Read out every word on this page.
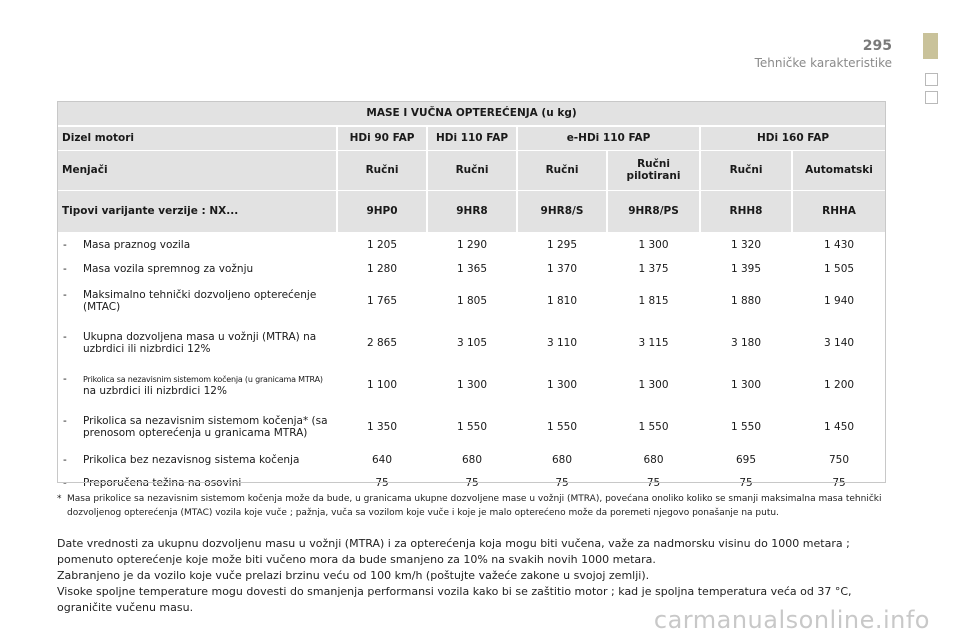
295
Tehničke karakteristike
MASE I VUČNA OPTEREĆENJA (u kg)						
Dizel motori	HDi 90 FAP	HDi 110 FAP	e-HDi 110 FAP		HDi 160 FAP	
Menjači	Ručni	Ručni	Ručni	Ručni pilotirani	Ručni	Automatski
Tipovi varijante verzije : NX...	9HP0	9HR8	9HR8/S	9HR8/PS	RHH8	RHHA
- Masa praznog vozila	1 205	1 290	1 295	1 300	1 320	1 430
- Masa vozila spremnog za vožnju	1 280	1 365	1 370	1 375	1 395	1 505
- Maksimalno tehnički dozvoljeno opterećenje (MTAC)	1 765	1 805	1 810	1 815	1 880	1 940
- Ukupna dozvoljena masa u vožnji (MTRA) na uzbrdici ili nizbrdici 12%	2 865	3 105	3 110	3 115	3 180	3 140
- Prikolica sa nezavisnim sistemom kočenja (u granicama MTRA)
na uzbrdici ili nizbrdici 12%	1 100	1 300	1 300	1 300	1 300	1 200
- Prikolica sa nezavisnim sistemom kočenja* (sa prenosom opterećenja u granicama MTRA)	1 350	1 550	1 550	1 550	1 550	1 450
- Prikolica bez nezavisnog sistema kočenja	640	680	680	680	695	750
- Preporučena težina na osovini	75	75	75	75	75	75
* Masa prikolice sa nezavisnim sistemom kočenja može da bude, u granicama ukupne dozvoljene mase u vožnji (MTRA), povećana onoliko koliko se smanji maksimalna masa tehnički dozvoljenog opterećenja (MTAC) vozila koje vuče ; pažnja, vuča sa vozilom koje vuče i koje je malo opterećeno može da poremeti njegovo ponašanje na putu.

Date vrednosti za ukupnu dozvoljenu masu u vožnji (MTRA) i za opterećenja koja mogu biti vučena, važe za nadmorsku visinu do 1000 metara ; pomenuto opterećenje koje može biti vučeno mora da bude smanjeno za 10% na svakih novih 1000 metara.

Zabranjeno je da vozilo koje vuče prelazi brzinu veću od 100 km/h (poštujte važeće zakone u svojoj zemlji).

Visoke spoljne temperature mogu dovesti do smanjenja performansi vozila kako bi se zaštitio motor ; kad je spoljna temperatura veća od 37 °C, ograničite vučenu masu.	carmanualsonline.info
